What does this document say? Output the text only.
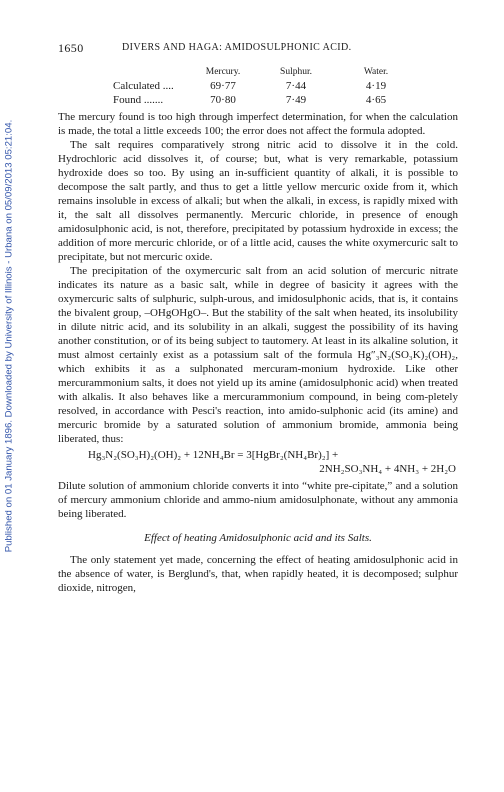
Published on 01 January 1896. Downloaded by University of Illinois - Urbana on 05/09/2013 05:21:04.
1650	DIVERS AND HAGA: AMIDOSULPHONIC ACID.
Mercury.	Sulphur.	Water.
Calculated ....	69·77	7·44	4·19
Found .......	70·80	7·49	4·65

The mercury found is too high through imperfect determination, for when the calculation is made, the total a little exceeds 100; the error does not affect the formula adopted.

The salt requires comparatively strong nitric acid to dissolve it in the cold. Hydrochloric acid dissolves it, of course; but, what is very remarkable, potassium hydroxide does so too. By using an in-sufficient quantity of alkali, it is possible to decompose the salt partly, and thus to get a little yellow mercuric oxide from it, which remains insoluble in excess of alkali; but when the alkali, in excess, is rapidly mixed with it, the salt all dissolves permanently. Mercuric chloride, in presence of enough amidosulphonic acid, is not, therefore, precipitated by potassium hydroxide in excess; the addition of more mercuric chloride, or of a little acid, causes the white oxymercuric salt to precipitate, but not mercuric oxide.

The precipitation of the oxymercuric salt from an acid solution of mercuric nitrate indicates its nature as a basic salt, while in degree of basicity it agrees with the oxymercuric salts of sulphuric, sulph-urous, and imidosulphonic acids, that is, it contains the bivalent group, –OHgOHgO–. But the stability of the salt when heated, its insolubility in dilute nitric acid, and its solubility in an alkali, suggest the possibility of its having another constitution, or of its being subject to tautomery. At least in its alkaline solution, it must almost certainly exist as a potassium salt of the formula Hg″₃N₂(SO₃K)₂(OH)₂, which exhibits it as a sulphonated mercuram-monium hydroxide. Like other mercurammonium salts, it does not yield up its amine (amidosulphonic acid) when treated with alkalis. It also behaves like a mercurammonium compound, in being com-pletely resolved, in accordance with Pesci's reaction, into amido-sulphonic acid (its amine) and mercuric bromide by a saturated solution of ammonium bromide, ammonia being liberated, thus:

Hg₃N₂(SO₃H)₂(OH)₂ + 12NH₄Br = 3[HgBr₂(NH₄Br)₂] +
2NH₂SO₃NH₄ + 4NH₃ + 2H₂O

Dilute solution of ammonium chloride converts it into “white pre-cipitate,” and a solution of mercury ammonium chloride and ammo-nium amidosulphonate, without any ammonia being liberated.

Effect of heating Amidosulphonic acid and its Salts.

The only statement yet made, concerning the effect of heating amidosulphonic acid in the absence of water, is Berglund's, that, when rapidly heated, it is decomposed; sulphur dioxide, nitrogen,
